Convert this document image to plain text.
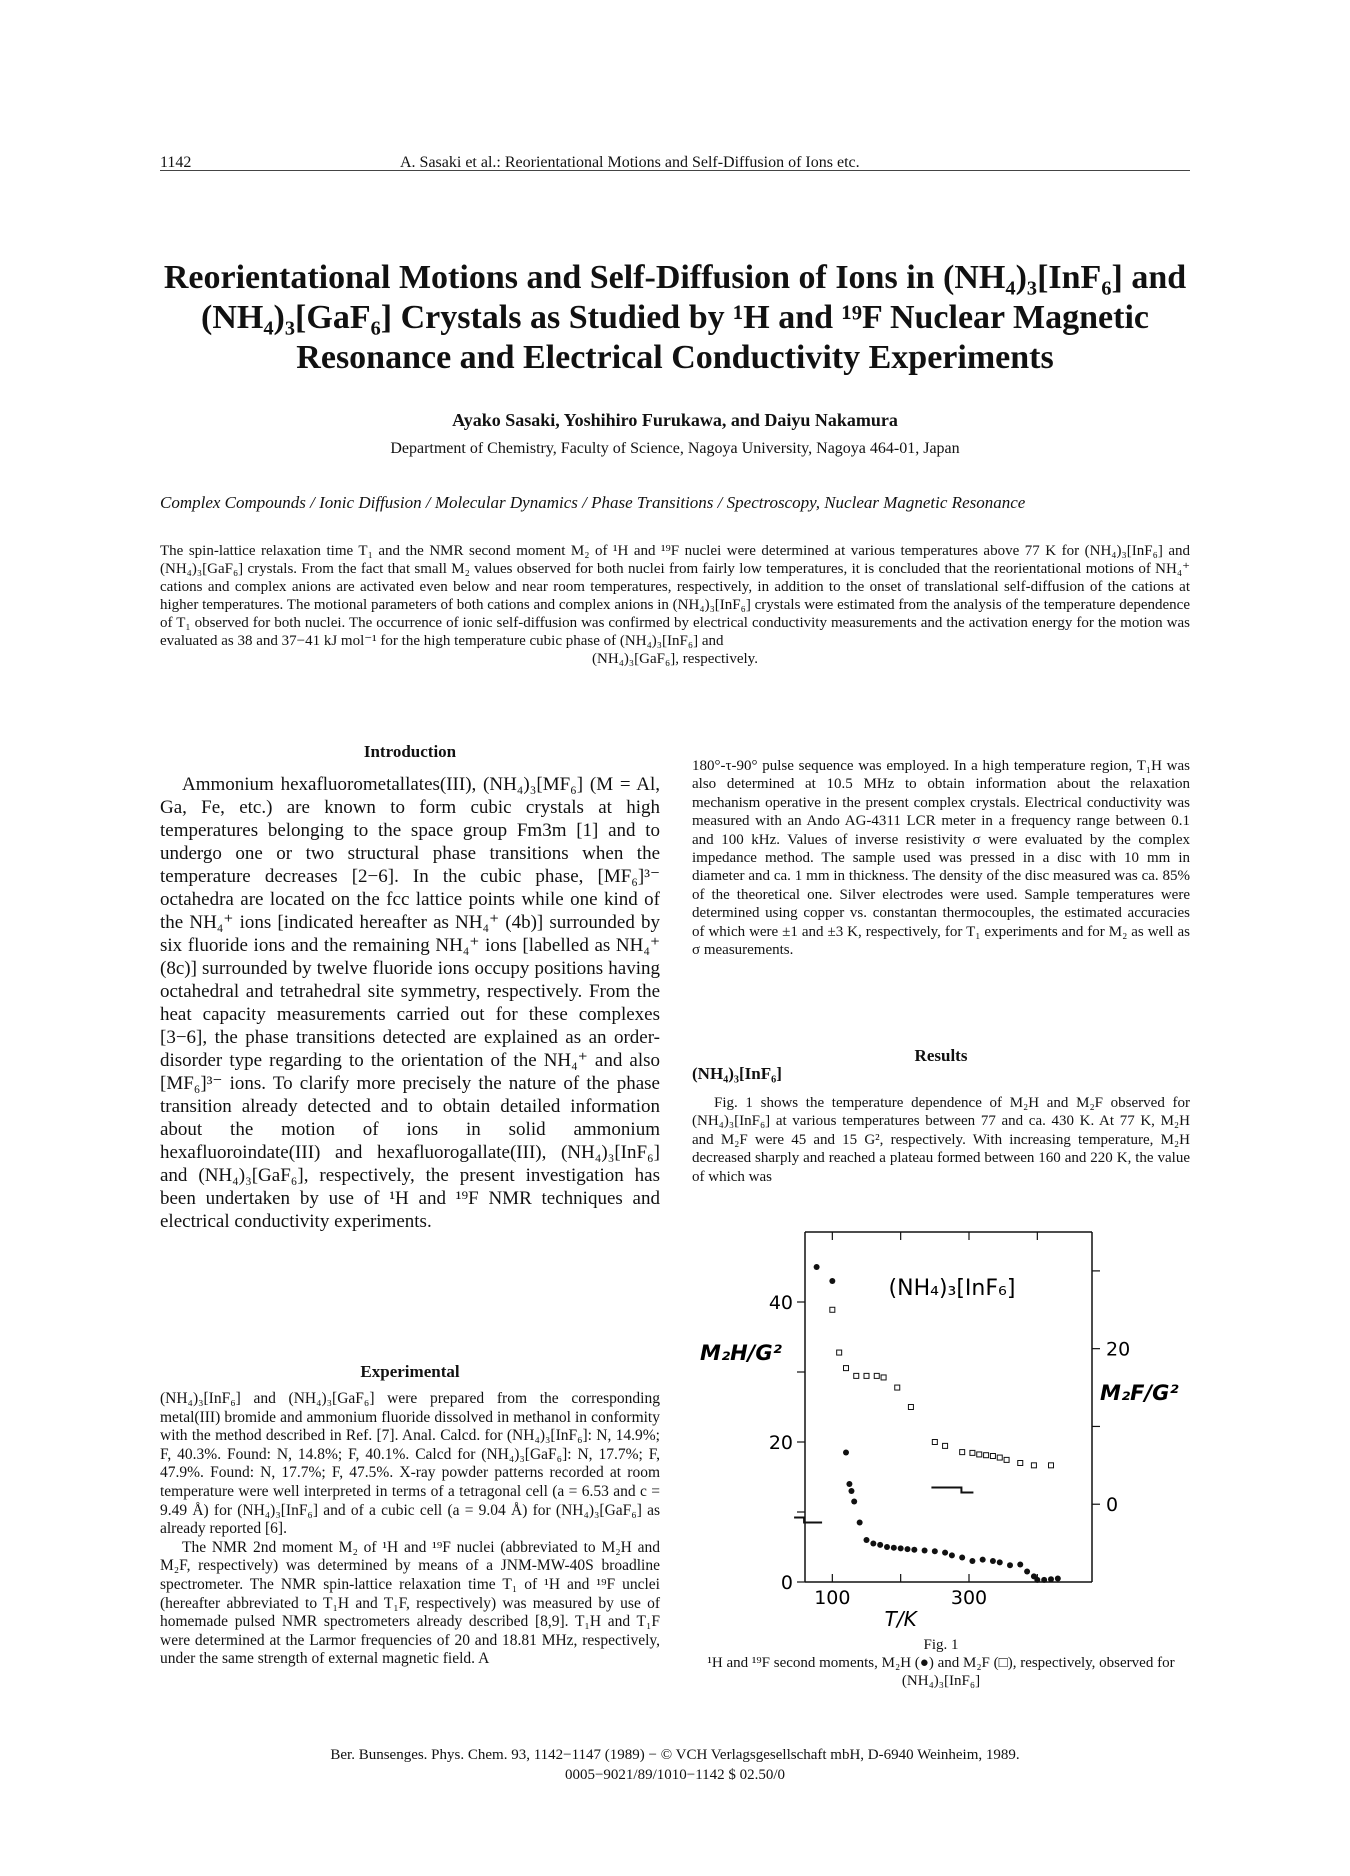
1142	A. Sasaki et al.: Reorientational Motions and Self-Diffusion of Ions etc.
Reorientational Motions and Self-Diffusion of Ions in (NH₄)₃[InF₆] and (NH₄)₃[GaF₆] Crystals as Studied by ¹H and ¹⁹F Nuclear Magnetic Resonance and Electrical Conductivity Experiments
Ayako Sasaki, Yoshihiro Furukawa, and Daiyu Nakamura
Department of Chemistry, Faculty of Science, Nagoya University, Nagoya 464-01, Japan
Complex Compounds / Ionic Diffusion / Molecular Dynamics / Phase Transitions / Spectroscopy, Nuclear Magnetic Resonance
The spin-lattice relaxation time T₁ and the NMR second moment M₂ of ¹H and ¹⁹F nuclei were determined at various temperatures above 77 K for (NH₄)₃[InF₆] and (NH₄)₃[GaF₆] crystals. From the fact that small M₂ values observed for both nuclei from fairly low temperatures, it is concluded that the reorientational motions of NH₄⁺ cations and complex anions are activated even below and near room temperatures, respectively, in addition to the onset of translational self-diffusion of the cations at higher temperatures. The motional parameters of both cations and complex anions in (NH₄)₃[InF₆] crystals were estimated from the analysis of the temperature dependence of T₁ observed for both nuclei. The occurrence of ionic self-diffusion was confirmed by electrical conductivity measurements and the activation energy for the motion was evaluated as 38 and 37−41 kJ mol⁻¹ for the high temperature cubic phase of (NH₄)₃[InF₆] and
(NH₄)₃[GaF₆], respectively.
Introduction

Ammonium hexafluorometallates(III), (NH₄)₃[MF₆] (M = Al, Ga, Fe, etc.) are known to form cubic crystals at high temperatures belonging to the space group Fm3m [1] and to undergo one or two structural phase transitions when the temperature decreases [2−6]. In the cubic phase, [MF₆]³⁻ octahedra are located on the fcc lattice points while one kind of the NH₄⁺ ions [indicated hereafter as NH₄⁺ (4b)] surrounded by six fluoride ions and the remaining NH₄⁺ ions [labelled as NH₄⁺ (8c)] surrounded by twelve fluoride ions occupy positions having octahedral and tetrahedral site symmetry, respectively. From the heat capacity measurements carried out for these complexes [3−6], the phase transitions detected are explained as an order-disorder type regarding to the orientation of the NH₄⁺ and also [MF₆]³⁻ ions. To clarify more precisely the nature of the phase transition already detected and to obtain detailed information about the motion of ions in solid ammonium hexafluoroindate(III) and hexafluorogallate(III), (NH₄)₃[InF₆] and (NH₄)₃[GaF₆], respectively, the present investigation has been undertaken by use of ¹H and ¹⁹F NMR techniques and electrical conductivity experiments.

Experimental

(NH₄)₃[InF₆] and (NH₄)₃[GaF₆] were prepared from the corresponding metal(III) bromide and ammonium fluoride dissolved in methanol in conformity with the method described in Ref. [7]. Anal. Calcd. for (NH₄)₃[InF₆]: N, 14.9%; F, 40.3%. Found: N, 14.8%; F, 40.1%. Calcd for (NH₄)₃[GaF₆]: N, 17.7%; F, 47.9%. Found: N, 17.7%; F, 47.5%. X-ray powder patterns recorded at room temperature were well interpreted in terms of a tetragonal cell (a = 6.53 and c = 9.49 Å) for (NH₄)₃[InF₆] and of a cubic cell (a = 9.04 Å) for (NH₄)₃[GaF₆] as already reported [6].

The NMR 2nd moment M₂ of ¹H and ¹⁹F nuclei (abbreviated to M₂H and M₂F, respectively) was determined by means of a JNM-MW-40S broadline spectrometer. The NMR spin-lattice relaxation time T₁ of ¹H and ¹⁹F unclei (hereafter abbreviated to T₁H and T₁F, respectively) was measured by use of homemade pulsed NMR spectrometers already described [8,9]. T₁H and T₁F were determined at the Larmor frequencies of 20 and 18.81 MHz, respectively, under the same strength of external magnetic field. A

180°-τ-90° pulse sequence was employed. In a high temperature region, T₁H was also determined at 10.5 MHz to obtain information about the relaxation mechanism operative in the present complex crystals. Electrical conductivity was measured with an Ando AG-4311 LCR meter in a frequency range between 0.1 and 100 kHz. Values of inverse resistivity σ were evaluated by the complex impedance method. The sample used was pressed in a disc with 10 mm in diameter and ca. 1 mm in thickness. The density of the disc measured was ca. 85% of the theoretical one. Silver electrodes were used. Sample temperatures were determined using copper vs. constantan thermocouples, the estimated accuracies of which were ±1 and ±3 K, respectively, for T₁ experiments and for M₂ as well as σ measurements.

Results
(NH₄)₃[InF₆]

Fig. 1 shows the temperature dependence of M₂H and M₂F observed for (NH₄)₃[InF₆] at various temperatures between 77 and ca. 430 K. At 77 K, M₂H and M₂F were 45 and 15 G², respectively. With increasing temperature, M₂H decreased sharply and reached a plateau formed between 160 and 220 K, the value of which was

100	300
0
20
40
0
20
(NH₄)₃[InF₆]
M₂H/G²
M₂F/G²
T/K
Fig. 1
¹H and ¹⁹F second moments, M₂H (●) and M₂F (□), respectively, observed for (NH₄)₃[InF₆]
Ber. Bunsenges. Phys. Chem. 93, 1142−1147 (1989) − © VCH Verlagsgesellschaft mbH, D-6940 Weinheim, 1989.
0005−9021/89/1010−1142 $ 02.50/0
